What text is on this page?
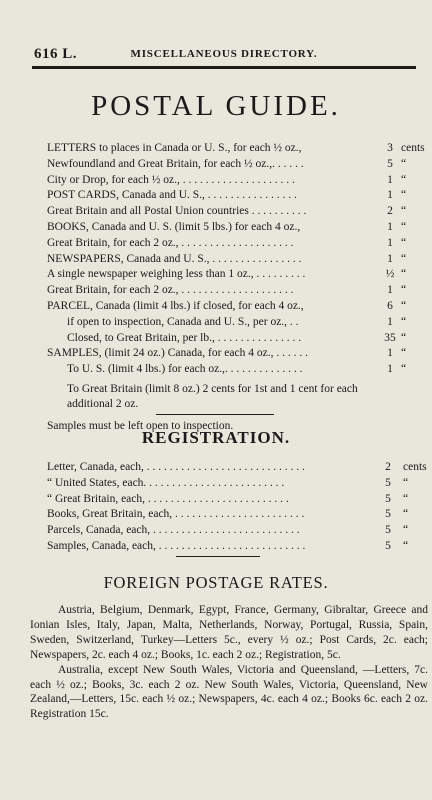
616 L.	MISCELLANEOUS DIRECTORY.
POSTAL GUIDE.
LETTERS to places in Canada or U. S., for each ½ oz.,	3 cents
Newfoundland and Great Britain, for each ½ oz.,. . . . . .	5 “
City or Drop, for each ½ oz., . . . . . . . . . . . . . . . . . . . .	1 “
POST CARDS, Canada and U. S., . . . . . . . . . . . . . . . .	1 “
Great Britain and all Postal Union countries . . . . . . . . . .	2 “
BOOKS, Canada and U. S. (limit 5 lbs.) for each 4 oz.,	1 “
Great Britain, for each 2 oz., . . . . . . . . . . . . . . . . . . . .	1 “
NEWSPAPERS, Canada and U. S., . . . . . . . . . . . . . . . .	1 “
A single newspaper weighing less than 1 oz., . . . . . . . . .	½ “
Great Britain, for each 2 oz., . . . . . . . . . . . . . . . . . . . .	1 “
PARCEL, Canada (limit 4 lbs.) if closed, for each 4 oz.,	6 “
if open to inspection, Canada and U. S., per oz., . .	1 “
Closed, to Great Britain, per lb., . . . . . . . . . . . . . . .	35 “
SAMPLES, (limit 24 oz.) Canada, for each 4 oz., . . . . . .	1 “
To U. S. (limit 4 lbs.) for each oz.,. . . . . . . . . . . . . .	1 “
To Great Britain (limit 8 oz.) 2 cents for 1st and 1 cent for each additional 2 oz.
Samples must be left open to inspection.
REGISTRATION.
Letter, Canada, each, . . . . . . . . . . . . . . . . . . . . . . . . . . . .	2	cents
“ United States, each. . . . . . . . . . . . . . . . . . . . . . . . .	5	“
“ Great Britain, each, . . . . . . . . . . . . . . . . . . . . . . . . .	5	“
Books, Great Britain, each, . . . . . . . . . . . . . . . . . . . . . . .	5	“
Parcels, Canada, each, . . . . . . . . . . . . . . . . . . . . . . . . . .	5	“
Samples, Canada, each, . . . . . . . . . . . . . . . . . . . . . . . . . .	5	“
FOREIGN POSTAGE RATES.

Austria, Belgium, Denmark, Egypt, France, Germany, Gibraltar, Greece and Ionian Isles, Italy, Japan, Malta, Netherlands, Norway, Portugal, Russia, Spain, Sweden, Switzerland, Turkey—Letters 5c., every ½ oz.; Post Cards, 2c. each; Newspapers, 2c. each 4 oz.; Books, 1c. each 2 oz.; Registration, 5c.

Australia, except New South Wales, Victoria and Queensland, —Letters, 7c. each ½ oz.; Books, 3c. each 2 oz. New South Wales, Victoria, Queensland, New Zealand,—Letters, 15c. each ½ oz.; Newspapers, 4c. each 4 oz.; Books 6c. each 2 oz. Registration 15c.
